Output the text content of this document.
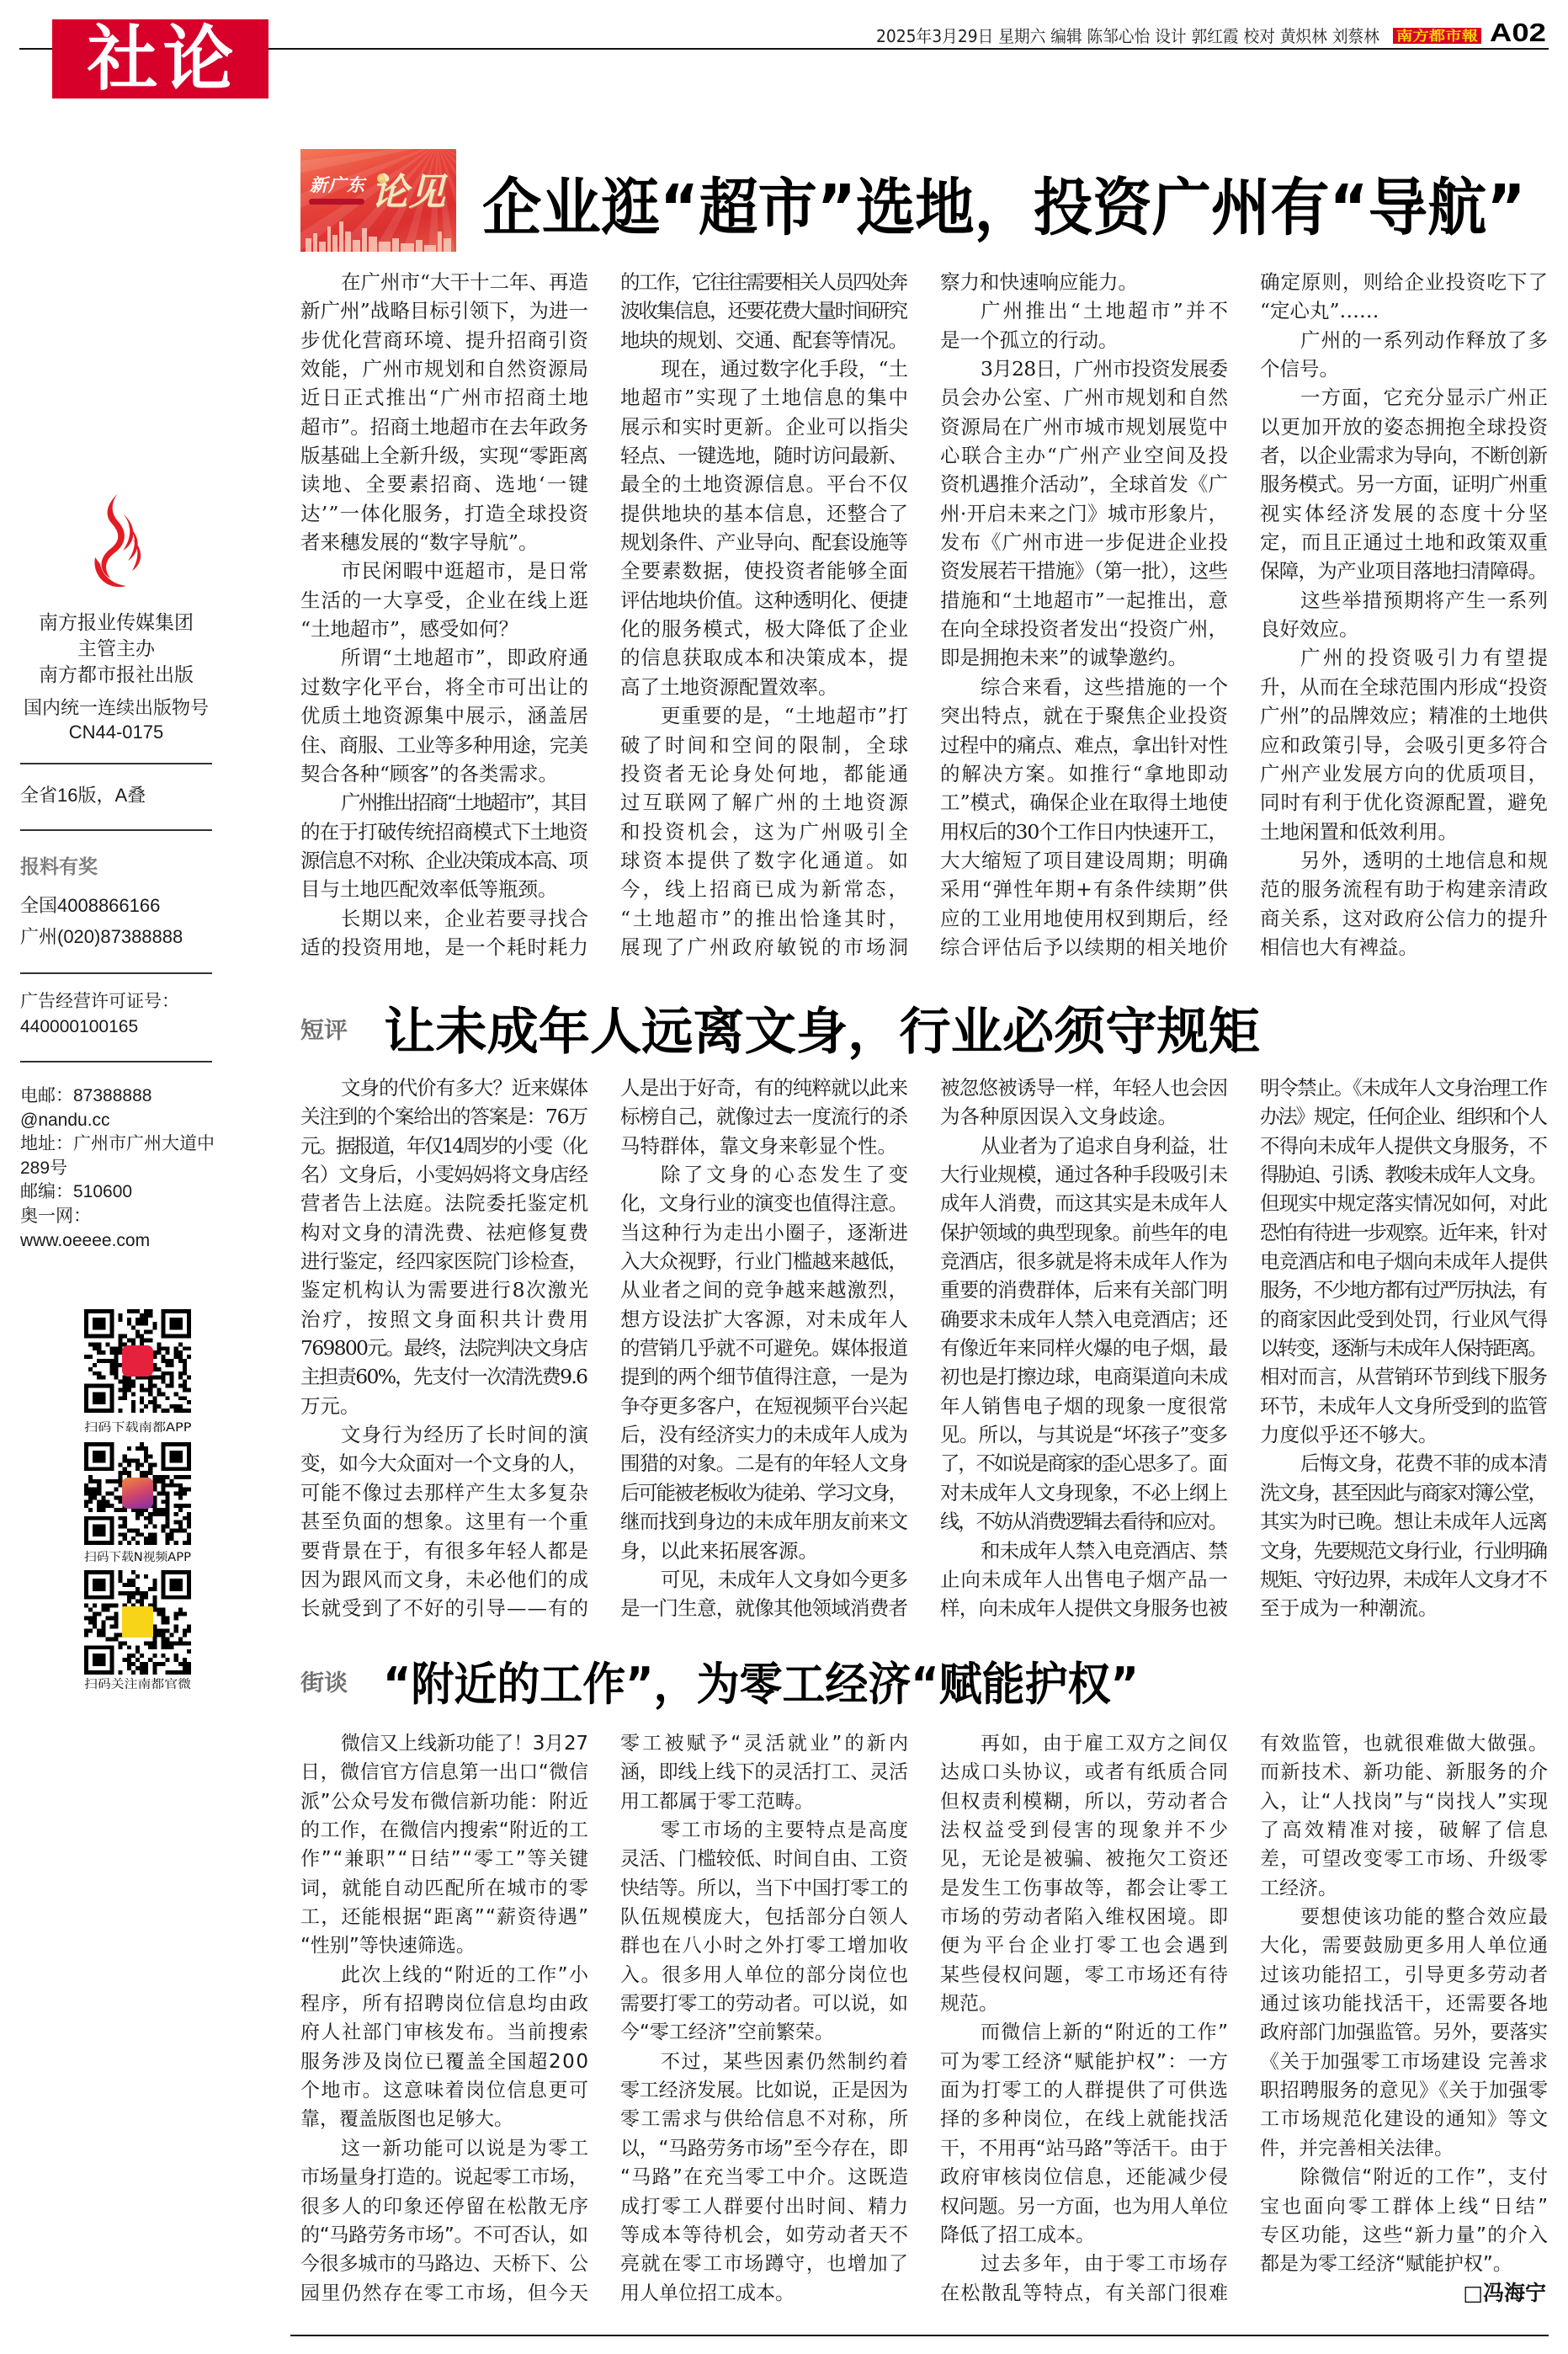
社论	2025年3月29日 星期六 编辑 陈邹心怡 设计 郭红霞 校对 黄炽林 刘蔡林 南方都市報 A02
南方报业传媒集团
主管主办
南方都市报社出版
国内统一连续出版物号
CN44-0175
全省16版，A叠
报料有奖
全国4008866166
广州(020)87388888
广告经营许可证号：
440000100165
电邮：87388888
@nandu.cc
地址：广州市广州大道中
289号
邮编：510600
奥一网：
www.oeeee.com
扫码下载南都APP
扫码下载N视频APP
扫码关注南都官微
新广东 论见 企业逛“超市”选地，投资广州有“导航”
在广州市“大干十二年、再造
新广州”战略目标引领下，为进一
步优化营商环境、提升招商引资
效能，广州市规划和自然资源局
近日正式推出“广州市招商土地
超市”。招商土地超市在去年政务
版基础上全新升级，实现“零距离
读地、全要素招商、选地‘一键
达’”一体化服务，打造全球投资
者来穗发展的“数字导航”。
市民闲暇中逛超市，是日常
生活的一大享受，企业在线上逛
“土地超市”，感受如何？
所谓“土地超市”，即政府通
过数字化平台，将全市可出让的
优质土地资源集中展示，涵盖居
住、商服、工业等多种用途，完美
契合各种“顾客”的各类需求。
广州推出招商“土地超市”，其目
的在于打破传统招商模式下土地资
源信息不对称、企业决策成本高、项
目与土地匹配效率低等瓶颈。
长期以来，企业若要寻找合
适的投资用地，是一个耗时耗力
的工作，它往往需要相关人员四处奔
波收集信息，还要花费大量时间研究
地块的规划、交通、配套等情况。
现在，通过数字化手段，“土
地超市”实现了土地信息的集中
展示和实时更新。企业可以指尖
轻点、一键选地，随时访问最新、
最全的土地资源信息。平台不仅
提供地块的基本信息，还整合了
规划条件、产业导向、配套设施等
全要素数据，使投资者能够全面
评估地块价值。这种透明化、便捷
化的服务模式，极大降低了企业
的信息获取成本和决策成本，提
高了土地资源配置效率。
更重要的是，“土地超市”打
破了时间和空间的限制，全球
投资者无论身处何地，都能通
过互联网了解广州的土地资源
和投资机会，这为广州吸引全
球资本提供了数字化通道。如
今，线上招商已成为新常态，
“土地超市”的推出恰逢其时，
展现了广州政府敏锐的市场洞
察力和快速响应能力。
广州推出“土地超市”并不
是一个孤立的行动。
3月28日，广州市投资发展委
员会办公室、广州市规划和自然
资源局在广州市城市规划展览中
心联合主办“广州产业空间及投
资机遇推介活动”，全球首发《广
州·开启未来之门》城市形象片，
发布《广州市进一步促进企业投
资发展若干措施》（第一批），这些
措施和“土地超市”一起推出，意
在向全球投资者发出“投资广州，
即是拥抱未来”的诚挚邀约。
综合来看，这些措施的一个
突出特点，就在于聚焦企业投资
过程中的痛点、难点，拿出针对性
的解决方案。如推行“拿地即动
工”模式，确保企业在取得土地使
用权后的30个工作日内快速开工，
大大缩短了项目建设周期；明确
采用“弹性年期+有条件续期”供
应的工业用地使用权到期后，经
综合评估后予以续期的相关地价
确定原则，则给企业投资吃下了
“定心丸”……
广州的一系列动作释放了多
个信号。
一方面，它充分显示广州正
以更加开放的姿态拥抱全球投资
者，以企业需求为导向，不断创新
服务模式。另一方面，证明广州重
视实体经济发展的态度十分坚
定，而且正通过土地和政策双重
保障，为产业项目落地扫清障碍。
这些举措预期将产生一系列
良好效应。
广州的投资吸引力有望提
升，从而在全球范围内形成“投资
广州”的品牌效应；精准的土地供
应和政策引导，会吸引更多符合
广州产业发展方向的优质项目，
同时有利于优化资源配置，避免
土地闲置和低效利用。
另外，透明的土地信息和规
范的服务流程有助于构建亲清政
商关系，这对政府公信力的提升
相信也大有裨益。
短评 让未成年人远离文身，行业必须守规矩
文身的代价有多大？近来媒体
关注到的个案给出的答案是：76万
元。据报道，年仅14周岁的小雯（化
名）文身后，小雯妈妈将文身店经
营者告上法庭。法院委托鉴定机
构对文身的清洗费、祛疤修复费
进行鉴定，经四家医院门诊检查，
鉴定机构认为需要进行8次激光
治疗，按照文身面积共计费用
769800元。最终，法院判决文身店
主担责60%，先支付一次清洗费9.6
万元。
文身行为经历了长时间的演
变，如今大众面对一个文身的人，
可能不像过去那样产生太多复杂
甚至负面的想象。这里有一个重
要背景在于，有很多年轻人都是
因为跟风而文身，未必他们的成
长就受到了不好的引导——有的
人是出于好奇，有的纯粹就以此来
标榜自己，就像过去一度流行的杀
马特群体，靠文身来彰显个性。
除了文身的心态发生了变
化，文身行业的演变也值得注意。
当这种行为走出小圈子，逐渐进
入大众视野，行业门槛越来越低，
从业者之间的竞争越来越激烈，
想方设法扩大客源，对未成年人
的营销几乎就不可避免。媒体报道
提到的两个细节值得注意，一是为
争夺更多客户，在短视频平台兴起
后，没有经济实力的未成年人成为
围猎的对象。二是有的年轻人文身
后可能被老板收为徒弟、学习文身，
继而找到身边的未成年朋友前来文
身，以此来拓展客源。
可见，未成年人文身如今更多
是一门生意，就像其他领域消费者
被忽悠被诱导一样，年轻人也会因
为各种原因误入文身歧途。
从业者为了追求自身利益，壮
大行业规模，通过各种手段吸引未
成年人消费，而这其实是未成年人
保护领域的典型现象。前些年的电
竞酒店，很多就是将未成年人作为
重要的消费群体，后来有关部门明
确要求未成年人禁入电竞酒店；还
有像近年来同样火爆的电子烟，最
初也是打擦边球，电商渠道向未成
年人销售电子烟的现象一度很常
见。所以，与其说是“坏孩子”变多
了，不如说是商家的歪心思多了。面
对未成年人文身现象，不必上纲上
线，不妨从消费逻辑去看待和应对。
和未成年人禁入电竞酒店、禁
止向未成年人出售电子烟产品一
样，向未成年人提供文身服务也被
明令禁止。《未成年人文身治理工作
办法》规定，任何企业、组织和个人
不得向未成年人提供文身服务，不
得胁迫、引诱、教唆未成年人文身。
但现实中规定落实情况如何，对此
恐怕有待进一步观察。近年来，针对
电竞酒店和电子烟向未成年人提供
服务，不少地方都有过严厉执法，有
的商家因此受到处罚，行业风气得
以转变，逐渐与未成年人保持距离。
相对而言，从营销环节到线下服务
环节，未成年人文身所受到的监管
力度似乎还不够大。
后悔文身，花费不菲的成本清
洗文身，甚至因此与商家对簿公堂，
其实为时已晚。想让未成年人远离
文身，先要规范文身行业，行业明确
规矩、守好边界，未成年人文身才不
至于成为一种潮流。
街谈 “附近的工作”，为零工经济“赋能护权”
微信又上线新功能了！3月27
日，微信官方信息第一出口“微信
派”公众号发布微信新功能：附近
的工作，在微信内搜索“附近的工
作”“兼职”“日结”“零工”等关键
词，就能自动匹配所在城市的零
工，还能根据“距离”“薪资待遇”
“性别”等快速筛选。
此次上线的“附近的工作”小
程序，所有招聘岗位信息均由政
府人社部门审核发布。当前搜索
服务涉及岗位已覆盖全国超200
个地市。这意味着岗位信息更可
靠，覆盖版图也足够大。
这一新功能可以说是为零工
市场量身打造的。说起零工市场，
很多人的印象还停留在松散无序
的“马路劳务市场”。不可否认，如
今很多城市的马路边、天桥下、公
园里仍然存在零工市场，但今天
零工被赋予“灵活就业”的新内
涵，即线上线下的灵活打工、灵活
用工都属于零工范畴。
零工市场的主要特点是高度
灵活、门槛较低、时间自由、工资
快结等。所以，当下中国打零工的
队伍规模庞大，包括部分白领人
群也在八小时之外打零工增加收
入。很多用人单位的部分岗位也
需要打零工的劳动者。可以说，如
今“零工经济”空前繁荣。
不过，某些因素仍然制约着
零工经济发展。比如说，正是因为
零工需求与供给信息不对称，所
以，“马路劳务市场”至今存在，即
“马路”在充当零工中介。这既造
成打零工人群要付出时间、精力
等成本等待机会，如劳动者天不
亮就在零工市场蹲守，也增加了
用人单位招工成本。
再如，由于雇工双方之间仅
达成口头协议，或者有纸质合同
但权责利模糊，所以，劳动者合
法权益受到侵害的现象并不少
见，无论是被骗、被拖欠工资还
是发生工伤事故等，都会让零工
市场的劳动者陷入维权困境。即
便为平台企业打零工也会遇到
某些侵权问题，零工市场还有待
规范。
而微信上新的“附近的工作”
可为零工经济“赋能护权”：一方
面为打零工的人群提供了可供选
择的多种岗位，在线上就能找活
干，不用再“站马路”等活干。由于
政府审核岗位信息，还能减少侵
权问题。另一方面，也为用人单位
降低了招工成本。
过去多年，由于零工市场存
在松散乱等特点，有关部门很难
有效监管，也就很难做大做强。
而新技术、新功能、新服务的介
入，让“人找岗”与“岗找人”实现
了高效精准对接，破解了信息
差，可望改变零工市场、升级零
工经济。
要想使该功能的整合效应最
大化，需要鼓励更多用人单位通
过该功能招工，引导更多劳动者
通过该功能找活干，还需要各地
政府部门加强监管。另外，要落实
《关于加强零工市场建设 完善求
职招聘服务的意见》《关于加强零
工市场规范化建设的通知》等文
件，并完善相关法律。
除微信“附近的工作”，支付
宝也面向零工群体上线“日结”
专区功能，这些“新力量”的介入
都是为零工经济“赋能护权”。
□冯海宁
